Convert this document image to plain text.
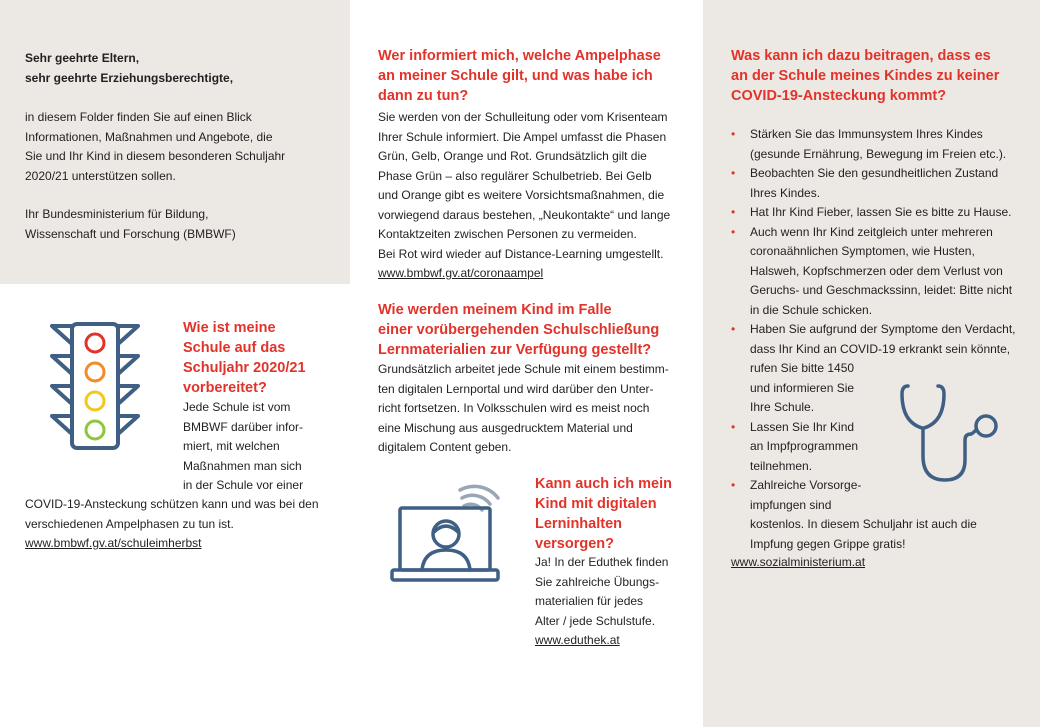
Sehr geehrte Eltern,
sehr geehrte Erziehungsberechtigte,
in diesem Folder finden Sie auf einen Blick
Informationen, Maßnahmen und Angebote, die
Sie und Ihr Kind in diesem besonderen Schuljahr
2020/21 unterstützen sollen.
Ihr Bundesministerium für Bildung,
Wissenschaft und Forschung (BMBWF)
Wie ist meine
Schule auf das
Schuljahr 2020/21
vorbereitet?
Jede Schule ist vom
BMBWF darüber infor-
miert, mit welchen
Maßnahmen man sich
in der Schule vor einer
COVID-19-Ansteckung schützen kann und was bei den
verschiedenen Ampelphasen zu tun ist.
www.bmbwf.gv.at/schuleimherbst
Wer informiert mich, welche Ampelphase
an meiner Schule gilt, und was habe ich
dann zu tun?
Sie werden von der Schulleitung oder vom Krisenteam
Ihrer Schule informiert. Die Ampel umfasst die Phasen
Grün, Gelb, Orange und Rot. Grundsätzlich gilt die
Phase Grün – also regulärer Schulbetrieb. Bei Gelb
und Orange gibt es weitere Vorsichtsmaßnahmen, die
vorwiegend daraus bestehen, „Neukontakte“ und lange
Kontaktzeiten zwischen Personen zu vermeiden.
Bei Rot wird wieder auf Distance-Learning umgestellt.
www.bmbwf.gv.at/coronaampel
Wie werden meinem Kind im Falle
einer vorübergehenden Schulschließung
Lernmaterialien zur Verfügung gestellt?
Grundsätzlich arbeitet jede Schule mit einem bestimm-
ten digitalen Lernportal und wird darüber den Unter-
richt fortsetzen. In Volksschulen wird es meist noch
eine Mischung aus ausgedrucktem Material und
digitalem Content geben.
Kann auch ich mein
Kind mit digitalen
Lerninhalten
versorgen?
Ja! In der Eduthek finden
Sie zahlreiche Übungs-
materialien für jedes
Alter / jede Schulstufe.
www.eduthek.at
Was kann ich dazu beitragen, dass es
an der Schule meines Kindes zu keiner
COVID-19-Ansteckung kommt?
• Stärken Sie das Immunsystem Ihres Kindes
(gesunde Ernährung, Bewegung im Freien etc.).
• Beobachten Sie den gesundheitlichen Zustand
Ihres Kindes.
• Hat Ihr Kind Fieber, lassen Sie es bitte zu Hause.
• Auch wenn Ihr Kind zeitgleich unter mehreren
coronaähnlichen Symptomen, wie Husten,
Halsweh, Kopfschmerzen oder dem Verlust von
Geruchs- und Geschmackssinn, leidet: Bitte nicht
in die Schule schicken.
• Haben Sie aufgrund der Symptome den Verdacht,
dass Ihr Kind an COVID-19 erkrankt sein könnte,
rufen Sie bitte 1450
und informieren Sie
Ihre Schule.
• Lassen Sie Ihr Kind
an Impfprogrammen
teilnehmen.
• Zahlreiche Vorsorge-
impfungen sind
kostenlos. In diesem Schuljahr ist auch die
Impfung gegen Grippe gratis!
www.sozialministerium.at
